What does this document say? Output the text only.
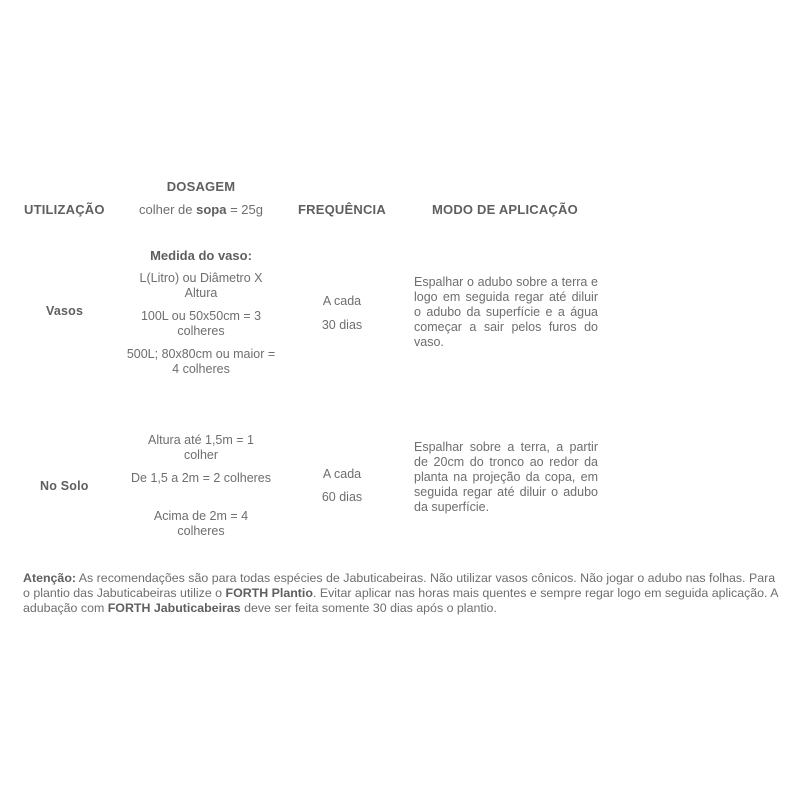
UTILIZAÇÃO
DOSAGEM
colher de sopa = 25g	FREQUÊNCIA	MODO DE APLICAÇÃO
Vasos
Medida do vaso:
L(Litro) ou Diâmetro X Altura
100L ou 50x50cm = 3 colheres
500L; 80x80cm ou maior = 4 colheres
A cada
30 dias
Espalhar o adubo sobre a terra e logo em seguida regar até diluir o adubo da superfície e a água começar a sair pelos furos do vaso.
No Solo
Altura até 1,5m = 1 colher
De 1,5 a 2m = 2 colheres
Acima de 2m = 4 colheres
A cada
60 dias
Espalhar sobre a terra, a partir de 20cm do tronco ao redor da planta na projeção da copa, em seguida regar até diluir o adubo da superfície.
Atenção: As recomendações são para todas espécies de Jabuticabeiras. Não utilizar vasos cônicos. Não jogar o adubo nas folhas. Para o plantio das Jabuticabeiras utilize o FORTH Plantio. Evitar aplicar nas horas mais quentes e sempre regar logo em seguida aplicação. A adubação com FORTH Jabuticabeiras deve ser feita somente 30 dias após o plantio.
